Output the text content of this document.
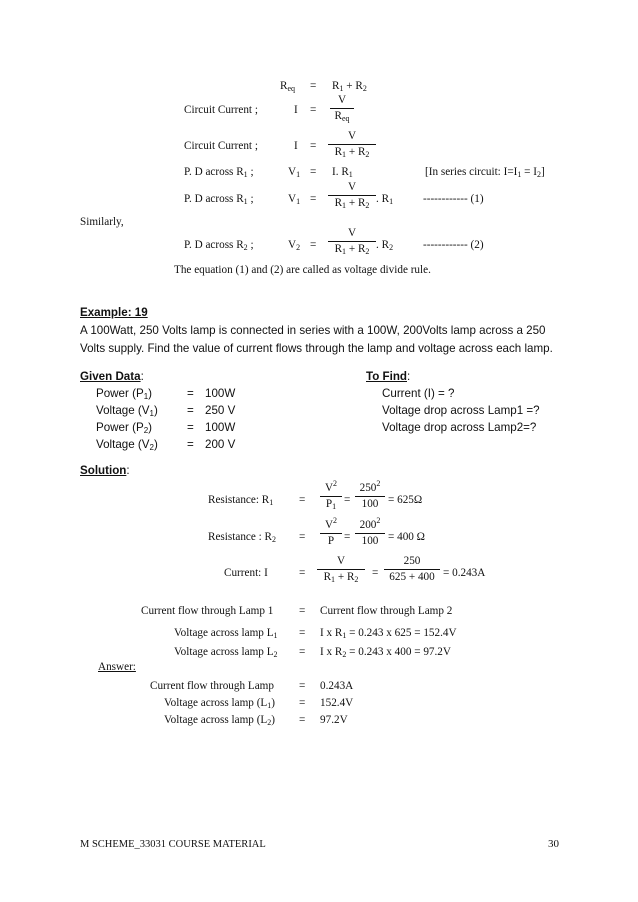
$R_{eq} = R_1 + R_2$
Circuit Current ;	I =
V
$R_{eq}$
Circuit Current ;	$I = \frac{V}{R_1 + R_2}$
P. D across $R_1$ ;	$V_1 = I$. $R_1$	[In series circuit: $I=I_1 = I_2$]
P. D across $R_1$ ;	$V_1 = \frac{V}{R_1 + R_2}$ . $R_1$	------------ (1)
Similarly,
P. D across $R_2$ ;	$V_2 = \frac{V}{R_1 + R_2}$ . $R_2$	------------ (2)
The equation (1) and (2) are called as voltage divide rule.
Example: 19
A 100Watt, 250 Volts lamp is connected in series with a 100W, 200Volts lamp across a 250
Volts supply. Find the value of current flows through the lamp and voltage across each lamp.
Given Data:	To Find:
Current (I) = ?
Voltage drop across Lamp1 =?
Voltage drop across Lamp2=?
Power $(P_1)$	= 100W
Voltage $(V_1)$	= 250 V
Power $(P_2)$	= 100W
Voltage $(V_2)$	= 200 V
Solution:
Resistance: $R_1 = \frac{V^2}{P_1} = \frac{250^2}{100} = 625\Omega$
Resistance : $R_2 = \frac{V^2}{P} = \frac{200^2}{100} = 400$ Ω
Current: I	= $\frac{V}{R_1 + R_2} = \frac{250}{625 + 400} = 0.243A$
Current flow through Lamp 1 = Current flow through Lamp 2
Voltage across lamp $L_1 = I$ x $R_1 = 0.243$ x 625 = 152.4V
Voltage across lamp $L_2 = I$ x $R_2 = 0.243$ x 400 = 97.2V
Answer:
Current flow through Lamp = 0.243A
Voltage across lamp $(L_1) = 152.4V$
Voltage across lamp $(L_2) = 97.2V$
M SCHEME_33031 COURSE MATERIAL	30
